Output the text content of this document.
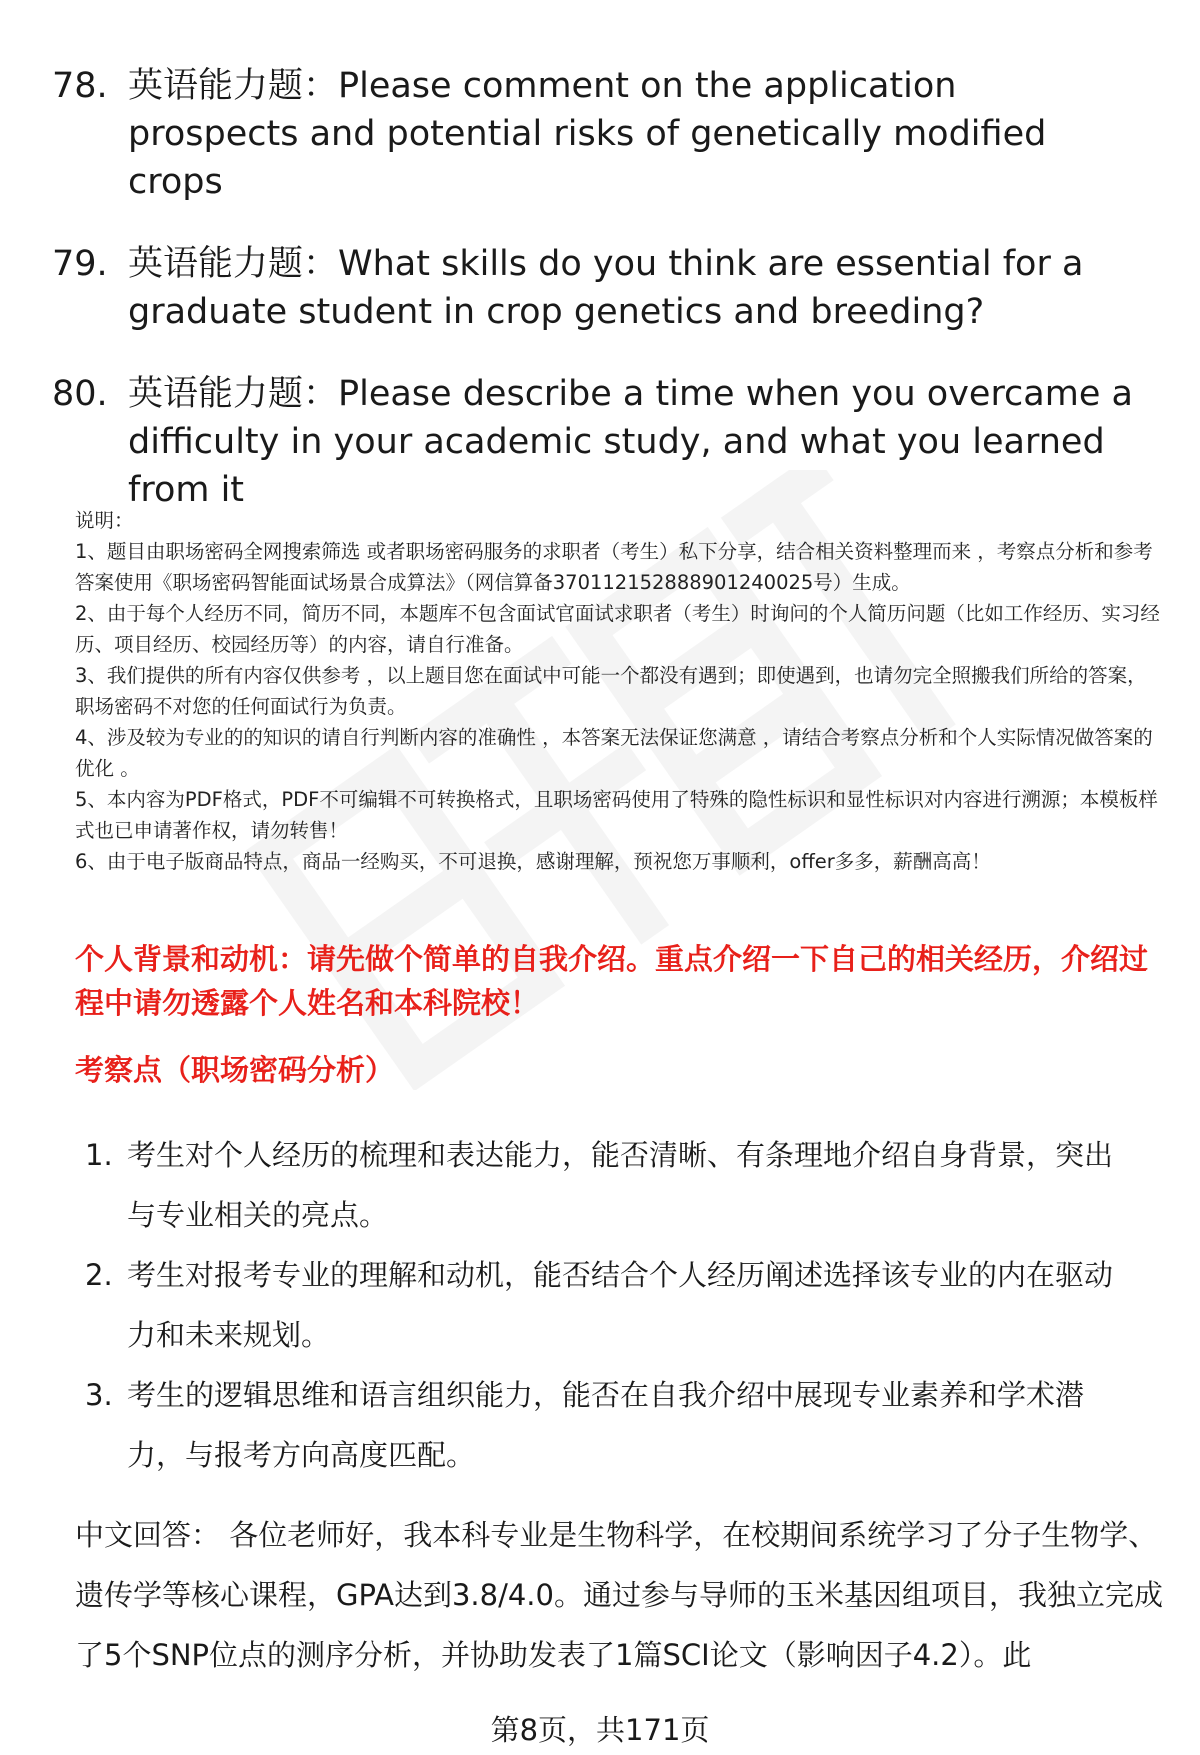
78. 英语能力题：Please comment on the application prospects and potential risks of genetically modified crops
79. 英语能力题：What skills do you think are essential for a graduate student in crop genetics and breeding?
80. 英语能力题：Please describe a time when you overcame a difficulty in your academic study, and what you learned from it

说明：

1、题目由职场密码全网搜索筛选 或者职场密码服务的求职者（考生）私下分享，结合相关资料整理而来 ，考察点分析和参考答案使用《职场密码智能面试场景合成算法》（网信算备370112152888901240025号）生成。

2、由于每个人经历不同，简历不同，本题库不包含面试官面试求职者（考生）时询问的个人简历问题（比如工作经历、实习经历、项目经历、校园经历等）的内容，请自行准备。

3、我们提供的所有内容仅供参考 ，以上题目您在面试中可能一个都没有遇到；即使遇到，也请勿完全照搬我们所给的答案，职场密码不对您的任何面试行为负责。

4、涉及较为专业的的知识的请自行判断内容的准确性 ，本答案无法保证您满意 ，请结合考察点分析和个人实际情况做答案的优化 。

5、本内容为PDF格式，PDF不可编辑不可转换格式，且职场密码使用了特殊的隐性标识和显性标识对内容进行溯源；本模板样式也已申请著作权，请勿转售！

6、由于电子版商品特点，商品一经购买，不可退换，感谢理解，预祝您万事顺利，offer多多，薪酬高高！

个人背景和动机：请先做个简单的自我介绍。重点介绍一下自己的相关经历，介绍过程中请勿透露个人姓名和本科院校！
考察点（职场密码分析）
1. 考生对个人经历的梳理和表达能力，能否清晰、有条理地介绍自身背景，突出与专业相关的亮点。
2. 考生对报考专业的理解和动机，能否结合个人经历阐述选择该专业的内在驱动力和未来规划。
3. 考生的逻辑思维和语言组织能力，能否在自我介绍中展现专业素养和学术潜力，与报考方向高度匹配。

中文回答： 各位老师好，我本科专业是生物科学，在校期间系统学习了分子生物学、遗传学等核心课程，GPA达到3.8/4.0。通过参与导师的玉米基因组项目，我独立完成了5个SNP位点的测序分析，并协助发表了1篇SCI论文（影响因子4.2）。此

第8页，共171页
